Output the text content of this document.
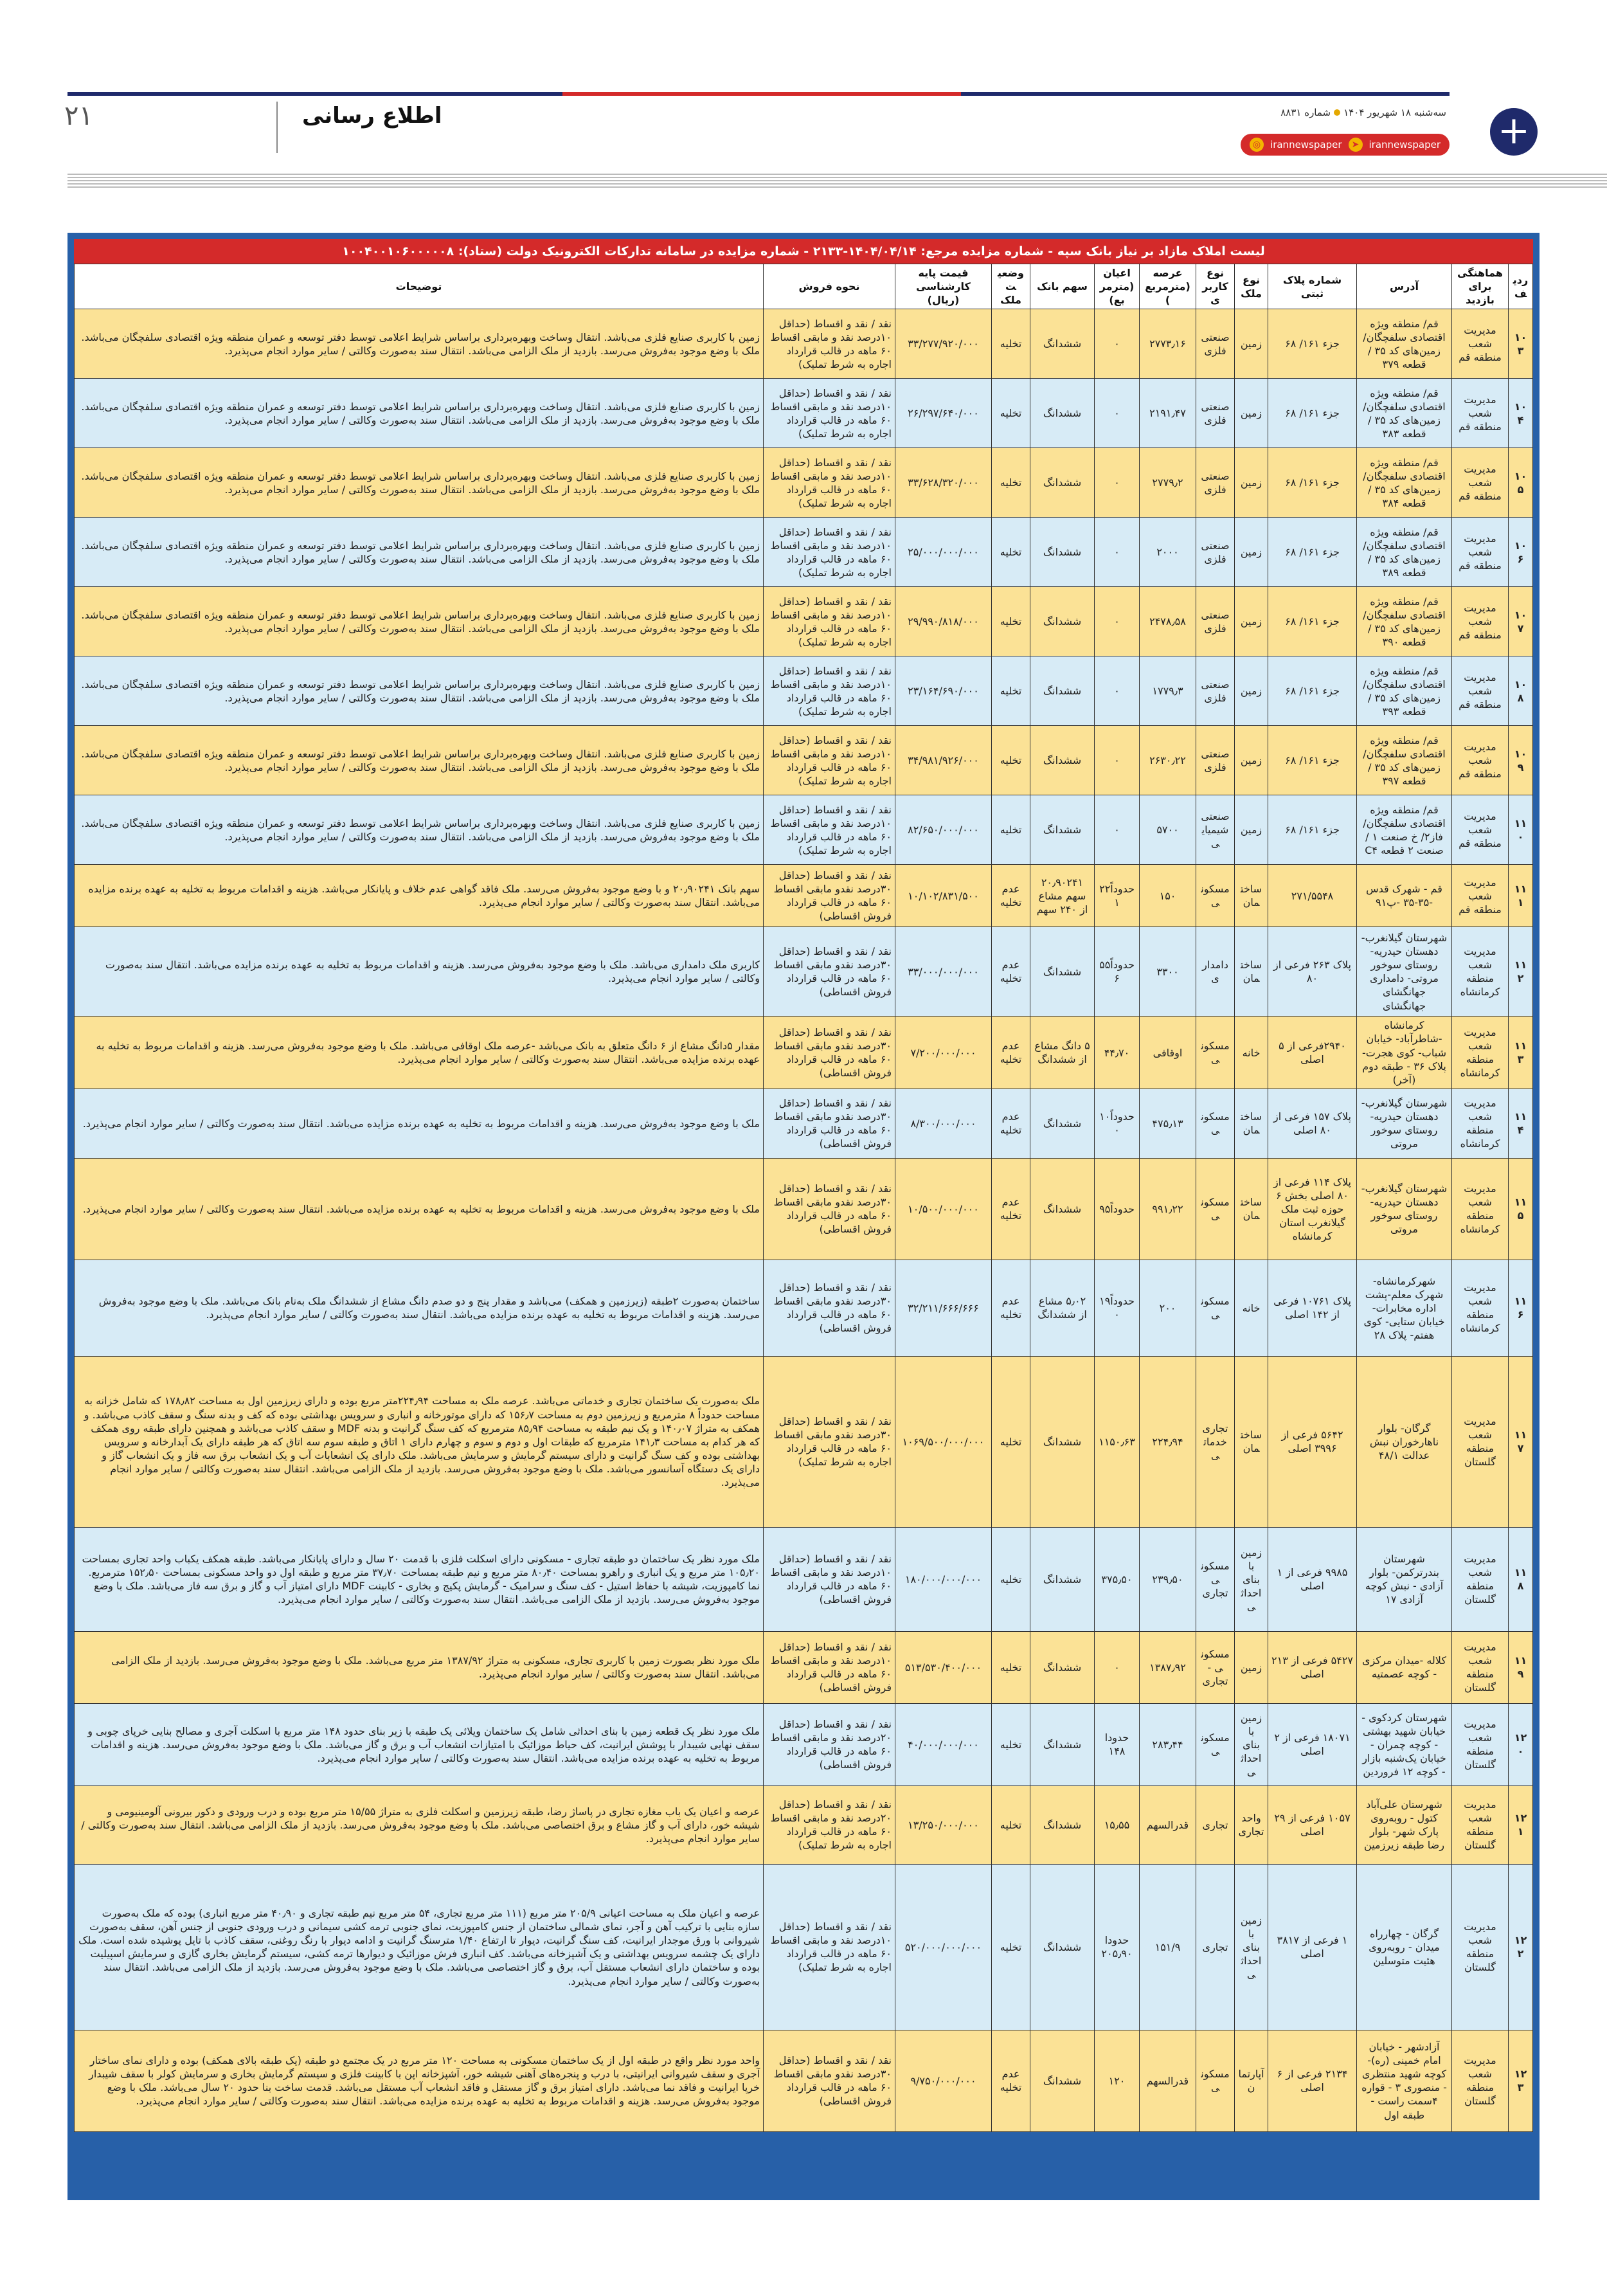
+
سه‌شنبه ۱۸ شهریور ۱۴۰۴شماره ۸۸۳۱
◎ irannewspaper	➤	irannewspaper
اطلاع رسانی
۲۱
لیست املاک مازاد بر نیاز بانک سپه - شماره مزایده مرجع: ۱۴۰۴/۰۴/۱۴-۲۱۳۳ - شماره مزایده در سامانه تدارکات الکترونیک دولت (ستاد): ۱۰۰۴۰۰۱۰۶۰۰۰۰۰۸
ردیف	هماهنگی برای بازدید	آدرس	شماره پلاک ثبتی	نوع ملک	نوع کاربری	عرصه (مترمربع)	اعیان (مترمربع)	سهم بانک	وضعیت ملک	قیمت پایه کارشناسی (ریال)	نحوه فروش	توضیحات
۱۰۳	مدیریت شعب منطقه قم	قم/ منطقه ویژه اقتصادی سلفچگان/ زمین‌های کد ۳۵ / قطعه ۳۷۹	جزء ۱۶۱/ ۶۸	زمین	صنعتی فلزی	۲۷۷۳٫۱۶	۰	ششدانگ	تخلیه	۳۳/۲۷۷/۹۲۰/۰۰۰	نقد / نقد و اقساط (حداقل ۱۰درصد نقد و مابقی اقساط ۶۰ ماهه در قالب قرارداد اجاره به شرط تملیک)	زمین با کاربری صنایع فلزی می‌باشد. انتقال وساخت وبهره‌برداری براساس شرایط اعلامی توسط دفتر توسعه و عمران منطقه ویژه اقتصادی سلفچگان می‌باشد. ملک با وضع موجود به‌فروش می‌رسد. بازدید از ملک الزامی می‌باشد. انتقال سند به‌صورت وکالتی / سایر موارد انجام می‌پذیرد.
۱۰۴	مدیریت شعب منطقه قم	قم/ منطقه ویژه اقتصادی سلفچگان/ زمین‌های کد ۳۵ / قطعه ۳۸۳	جزء ۱۶۱/ ۶۸	زمین	صنعتی فلزی	۲۱۹۱٫۴۷	۰	ششدانگ	تخلیه	۲۶/۲۹۷/۶۴۰/۰۰۰	نقد / نقد و اقساط (حداقل ۱۰درصد نقد و مابقی اقساط ۶۰ ماهه در قالب قرارداد اجاره به شرط تملیک)	زمین با کاربری صنایع فلزی می‌باشد. انتقال وساخت وبهره‌برداری براساس شرایط اعلامی توسط دفتر توسعه و عمران منطقه ویژه اقتصادی سلفچگان می‌باشد. ملک با وضع موجود به‌فروش می‌رسد. بازدید از ملک الزامی می‌باشد. انتقال سند به‌صورت وکالتی / سایر موارد انجام می‌پذیرد.
۱۰۵	مدیریت شعب منطقه قم	قم/ منطقه ویژه اقتصادی سلفچگان/ زمین‌های کد ۳۵ / قطعه ۳۸۴	جزء ۱۶۱/ ۶۸	زمین	صنعتی فلزی	۲۷۷۹٫۲	۰	ششدانگ	تخلیه	۳۳/۶۲۸/۳۲۰/۰۰۰	نقد / نقد و اقساط (حداقل ۱۰درصد نقد و مابقی اقساط ۶۰ ماهه در قالب قرارداد اجاره به شرط تملیک)	زمین با کاربری صنایع فلزی می‌باشد. انتقال وساخت وبهره‌برداری براساس شرایط اعلامی توسط دفتر توسعه و عمران منطقه ویژه اقتصادی سلفچگان می‌باشد. ملک با وضع موجود به‌فروش می‌رسد. بازدید از ملک الزامی می‌باشد. انتقال سند به‌صورت وکالتی / سایر موارد انجام می‌پذیرد.
۱۰۶	مدیریت شعب منطقه قم	قم/ منطقه ویژه اقتصادی سلفچگان/ زمین‌های کد ۳۵ / قطعه ۳۸۹	جزء ۱۶۱/ ۶۸	زمین	صنعتی فلزی	۲۰۰۰	۰	ششدانگ	تخلیه	۲۵/۰۰۰/۰۰۰/۰۰۰	نقد / نقد و اقساط (حداقل ۱۰درصد نقد و مابقی اقساط ۶۰ ماهه در قالب قرارداد اجاره به شرط تملیک)	زمین با کاربری صنایع فلزی می‌باشد. انتقال وساخت وبهره‌برداری براساس شرایط اعلامی توسط دفتر توسعه و عمران منطقه ویژه اقتصادی سلفچگان می‌باشد. ملک با وضع موجود به‌فروش می‌رسد. بازدید از ملک الزامی می‌باشد. انتقال سند به‌صورت وکالتی / سایر موارد انجام می‌پذیرد.
۱۰۷	مدیریت شعب منطقه قم	قم/ منطقه ویژه اقتصادی سلفچگان/ زمین‌های کد ۳۵ / قطعه ۳۹۰	جزء ۱۶۱/ ۶۸	زمین	صنعتی فلزی	۲۴۷۸٫۵۸	۰	ششدانگ	تخلیه	۲۹/۹۹۰/۸۱۸/۰۰۰	نقد / نقد و اقساط (حداقل ۱۰درصد نقد و مابقی اقساط ۶۰ ماهه در قالب قرارداد اجاره به شرط تملیک)	زمین با کاربری صنایع فلزی می‌باشد. انتقال وساخت وبهره‌برداری براساس شرایط اعلامی توسط دفتر توسعه و عمران منطقه ویژه اقتصادی سلفچگان می‌باشد. ملک با وضع موجود به‌فروش می‌رسد. بازدید از ملک الزامی می‌باشد. انتقال سند به‌صورت وکالتی / سایر موارد انجام می‌پذیرد.
۱۰۸	مدیریت شعب منطقه قم	قم/ منطقه ویژه اقتصادی سلفچگان/ زمین‌های کد ۳۵ / قطعه ۳۹۳	جزء ۱۶۱/ ۶۸	زمین	صنعتی فلزی	۱۷۷۹٫۳	۰	ششدانگ	تخلیه	۲۳/۱۶۴/۶۹۰/۰۰۰	نقد / نقد و اقساط (حداقل ۱۰درصد نقد و مابقی اقساط ۶۰ ماهه در قالب قرارداد اجاره به شرط تملیک)	زمین با کاربری صنایع فلزی می‌باشد. انتقال وساخت وبهره‌برداری براساس شرایط اعلامی توسط دفتر توسعه و عمران منطقه ویژه اقتصادی سلفچگان می‌باشد. ملک با وضع موجود به‌فروش می‌رسد. بازدید از ملک الزامی می‌باشد. انتقال سند به‌صورت وکالتی / سایر موارد انجام می‌پذیرد.
۱۰۹	مدیریت شعب منطقه قم	قم/ منطقه ویژه اقتصادی سلفچگان/ زمین‌های کد ۳۵ / قطعه ۳۹۷	جزء ۱۶۱/ ۶۸	زمین	صنعتی فلزی	۲۶۳۰٫۲۲	۰	ششدانگ	تخلیه	۳۴/۹۸۱/۹۲۶/۰۰۰	نقد / نقد و اقساط (حداقل ۱۰درصد نقد و مابقی اقساط ۶۰ ماهه در قالب قرارداد اجاره به شرط تملیک)	زمین با کاربری صنایع فلزی می‌باشد. انتقال وساخت وبهره‌برداری براساس شرایط اعلامی توسط دفتر توسعه و عمران منطقه ویژه اقتصادی سلفچگان می‌باشد. ملک با وضع موجود به‌فروش می‌رسد. بازدید از ملک الزامی می‌باشد. انتقال سند به‌صورت وکالتی / سایر موارد انجام می‌پذیرد.
۱۱۰	مدیریت شعب منطقه قم	قم/ منطقه ویژه اقتصادی سلفچگان/ فاز۲/ خ صنعت ۱ /صنعت ۲ قطعه C۴	جزء ۱۶۱/ ۶۸	زمین	صنعتی شیمیایی	۵۷۰۰	۰	ششدانگ	تخلیه	۸۲/۶۵۰/۰۰۰/۰۰۰	نقد / نقد و اقساط (حداقل ۱۰درصد نقد و مابقی اقساط ۶۰ ماهه در قالب قرارداد اجاره به شرط تملیک)	زمین با کاربری صنایع فلزی می‌باشد. انتقال وساخت وبهره‌برداری براساس شرایط اعلامی توسط دفتر توسعه و عمران منطقه ویژه اقتصادی سلفچگان می‌باشد. ملک با وضع موجود به‌فروش می‌رسد. بازدید از ملک الزامی می‌باشد. انتقال سند به‌صورت وکالتی / سایر موارد انجام می‌پذیرد.
۱۱۱	مدیریت شعب منطقه قم	قم - شهرک قدس -۳۵-۳۵ -پ۹۱	۲۷۱/۵۵۴۸	ساختمان	مسکونی	۱۵۰	حدوداً۲۲۱	۲۰٫۹۰۲۴۱ سهم مشاع از ۲۴۰ سهم	عدم تخلیه	۱۰/۱۰۲/۸۳۱/۵۰۰	نقد / نقد و اقساط (حداقل ۳۰درصد نقدو مابقی اقساط ۶۰ ماهه در قالب قرارداد فروش اقساطی)	سهم بانک ۲۰٫۹۰۲۴۱ و با وضع موجود به‌فروش می‌رسد. ملک فاقد گواهی عدم خلاف و پایانکار می‌باشد. هزینه و اقدامات مربوط به تخلیه به عهده برنده مزایده می‌باشد. انتقال سند به‌صورت وکالتی / سایر موارد انجام می‌پذیرد.
۱۱۲	مدیریت شعب منطقه کرمانشاه	شهرستان گیلانغرب- دهستان حیدریه- روستای سوخور مروتی- دامداری جهانگشای جهانگشای	پلاک ۲۶۳ فرعی از ۸۰	ساختمان	دامداری	۳۳۰۰	حدوداً۵۵۶	ششدانگ	عدم تخلیه	۳۳/۰۰۰/۰۰۰/۰۰۰	نقد / نقد و اقساط (حداقل ۳۰درصد نقدو مابقی اقساط ۶۰ ماهه در قالب قرارداد فروش اقساطی)	کاربری ملک دامداری می‌باشد. ملک با وضع موجود به‌فروش می‌رسد. هزینه و اقدامات مربوط به تخلیه به عهده برنده مزایده می‌باشد. انتقال سند به‌صورت وکالتی / سایر موارد انجام می‌پذیرد.
۱۱۳	مدیریت شعب منطقه کرمانشاه	کرمانشاه -شاطرآباد- خیابان شباب- کوی هجرت-پلاک ۳۶ - طبقه دوم (آخر)	۲۹۴۰فرعی از ۵ اصلی	خانه	مسکونی	اوقافی	۴۴٫۷۰	۵ دانگ مشاع از ششدانگ	عدم تخلیه	۷/۲۰۰/۰۰۰/۰۰۰	نقد / نقد و اقساط (حداقل ۳۰درصد نقدو مابقی اقساط ۶۰ ماهه در قالب قرارداد فروش اقساطی)	مقدار ۵دانگ مشاع از ۶ دانگ متعلق به بانک می‌باشد -عرصه ملک اوقافی می‌باشد. ملک با وضع موجود به‌فروش می‌رسد. هزینه و اقدامات مربوط به تخلیه به عهده برنده مزایده می‌باشد. انتقال سند به‌صورت وکالتی / سایر موارد انجام می‌پذیرد.
۱۱۴	مدیریت شعب منطقه کرمانشاه	شهرستان گیلانغرب- دهستان حیدریه- روستای سوخور مروتی	پلاک ۱۵۷ فرعی از ۸۰ اصلی	ساختمان	مسکونی	۴۷۵٫۱۳	حدوداً۱۰۰	ششدانگ	عدم تخلیه	۸/۳۰۰/۰۰۰/۰۰۰	نقد / نقد و اقساط (حداقل ۳۰درصد نقدو مابقی اقساط ۶۰ ماهه در قالب قرارداد فروش اقساطی)	ملک با وضع موجود به‌فروش می‌رسد. هزینه و اقدامات مربوط به تخلیه به عهده برنده مزایده می‌باشد. انتقال سند به‌صورت وکالتی / سایر موارد انجام می‌پذیرد.
۱۱۵	مدیریت شعب منطقه کرمانشاه	شهرستان گیلانغرب- دهستان حیدریه- روستای سوخور مروتی	پلاک ۱۱۴ فرعی از ۸۰ اصلی بخش ۶ حوزه ثبت ملک گیلانغرب استان کرمانشاه	ساختمان	مسکونی	۹۹۱٫۲۲	حدوداً۹۵	ششدانگ	عدم تخلیه	۱۰/۵۰۰/۰۰۰/۰۰۰	نقد / نقد و اقساط (حداقل ۳۰درصد نقدو مابقی اقساط ۶۰ ماهه در قالب قرارداد فروش اقساطی)	ملک با وضع موجود به‌فروش می‌رسد. هزینه و اقدامات مربوط به تخلیه به عهده برنده مزایده می‌باشد. انتقال سند به‌صورت وکالتی / سایر موارد انجام می‌پذیرد.
۱۱۶	مدیریت شعب منطقه کرمانشاه	شهرکرمانشاه-شهرک معلم-پشت اداره مخابرات- خیابان ستایی- کوی هفتم- پلاک ۲۸	پلاک ۱۰۷۶۱ فرعی از ۱۴۲ اصلی	خانه	مسکونی	۲۰۰	حدوداً۱۹۰	۵٫۰۲ مشاع از ششدانگ	عدم تخلیه	۳۲/۲۱۱/۶۶۶/۶۶۶	نقد / نقد و اقساط (حداقل ۳۰درصد نقدو مابقی اقساط ۶۰ ماهه در قالب قرارداد فروش اقساطی)	ساختمان به‌صورت ۲طبقه (زیرزمین و همکف) می‌باشد و مقدار پنج و دو صدم دانگ مشاع از ششدانگ ملک به‌نام بانک می‌باشد. ملک با وضع موجود به‌فروش می‌رسد. هزینه و اقدامات مربوط به تخلیه به عهده برنده مزایده می‌باشد. انتقال سند به‌صورت وکالتی / سایر موارد انجام می‌پذیرد.
۱۱۷	مدیریت شعب منطقه گلستان	گرگان- بلوار ناهارخوران نبش عدالت ۴۸/۱	۵۶۴۲ فرعی از ۳۹۹۶ اصلی	ساختمان	تجاری خدماتی	۲۲۴٫۹۴	۱۱۵۰٫۶۳	ششدانگ	تخلیه	۱۰۶۹/۵۰۰/۰۰۰/۰۰۰	نقد / نقد و اقساط (حداقل ۳۰درصد نقدو مابقی اقساط ۶۰ ماهه در قالب قرارداد اجاره به شرط تملیک)	ملک به‌صورت یک ساختمان تجاری و خدماتی می‌باشد. عرصه ملک به مساحت ۲۲۴٫۹۴متر مربع بوده و دارای زیرزمین اول به مساحت ۱۷۸٫۸۲ که شامل خزانه به مساحت حدوداً ۸ مترمربع و زیرزمین دوم به مساحت ۱۵۶٫۷ که دارای موتورخانه و انباری و سرویس بهداشتی بوده که کف و بدنه سنگ و سقف کاذب می‌باشد. و همکف به متراژ ۱۴۰٫۰۷ و یک نیم طبقه به مساحت ۸۵٫۹۴ مترمربع که کف سنگ گرانیت و بدنه MDF و سقف کاذب می‌باشد و همچنین دارای طبقه روی همکف که هر کدام به مساحت ۱۴۱٫۳ مترمربع که طبقات اول و دوم و سوم و چهارم دارای ۱ اتاق و طبقه سوم سه اتاق که هر طبقه دارای یک آبدارخانه و سرویس بهداشتی بوده و کف سنگ گرانیت و دارای سیستم گرمایش و سرمایش می‌باشد. ملک دارای یک انشعابات آب و یک انشعاب برق سه فاز و یک انشعاب گاز و دارای یک دستگاه آسانسور می‌باشد. ملک با وضع موجود به‌فروش می‌رسد. بازدید از ملک الزامی می‌باشد. انتقال سند به‌صورت وکالتی / سایر موارد انجام می‌پذیرد.
۱۱۸	مدیریت شعب منطقه گلستان	شهرستان بندرترکمن- بلوار آزادی - نبش کوچه آزادی ۱۷	۹۹۸۵ فرعی از ۱ اصلی	زمین با بنای احداثی	مسکونی تجاری	۲۳۹٫۵۰	۳۷۵٫۵۰	ششدانگ	تخلیه	۱۸۰/۰۰۰/۰۰۰/۰۰۰	نقد / نقد و اقساط (حداقل ۱۰درصد نقد و مابقی اقساط ۶۰ ماهه در قالب قرارداد فروش اقساطی)	ملک مورد نظر یک ساختمان دو طبقه تجاری - مسکونی دارای اسکلت فلزی با قدمت ۲۰ سال و دارای پایانکار می‌باشد. طبقه همکف یکباب واحد تجاری بمساحت ۱۰۵٫۲۰ متر مربع و یک انباری و راهرو بمساحت ۸۰٫۴۰ متر مربع و نیم طبقه بمساحت ۳۷٫۷۰ متر مربع و طبقه اول دو واحد مسکونی بمساحت ۱۵۲٫۵۰ مترمربع. نما کامپوزیت، شیشه با حفاظ استیل - کف سنگ و سرامیک - گرمایش پکیج و بخاری - کابینت MDF دارای امتیاز آب و گاز و برق سه فاز می‌باشد. ملک با وضع موجود به‌فروش می‌رسد. بازدید از ملک الزامی می‌باشد. انتقال سند به‌صورت وکالتی / سایر موارد انجام می‌پذیرد.
۱۱۹	مدیریت شعب منطقه گلستان	کلاله -میدان مرکزی - کوچه عصمتیه	۵۴۲۷ فرعی از ۲۱۳ اصلی	زمین	مسکونی - تجاری	۱۳۸۷٫۹۲	۰	ششدانگ	تخلیه	۵۱۳/۵۳۰/۴۰۰/۰۰۰	نقد / نقد و اقساط (حداقل ۱۰درصد نقد و مابقی اقساط ۶۰ ماهه در قالب قرارداد فروش اقساطی)	ملک مورد نظر بصورت زمین با کاربری تجاری، مسکونی به متراژ ۱۳۸۷/۹۲ متر مربع می‌باشد. ملک با وضع موجود به‌فروش می‌رسد. بازدید از ملک الزامی می‌باشد. انتقال سند به‌صورت وکالتی / سایر موارد انجام می‌پذیرد.
۱۲۰	مدیریت شعب منطقه گلستان	شهرستان کردکوی - خیابان شهید بهشتی - کوچه چمران - خیابان یک‌شنبه بازار - کوچه ۱۲ فروردین	۱۸۰۷۱ فرعی از ۲ اصلی	زمین با بنای احداثی	مسکونی	۲۸۳٫۴۴	حدودا ۱۴۸	ششدانگ	تخلیه	۴۰/۰۰۰/۰۰۰/۰۰۰	نقد / نقد و اقساط (حداقل ۲۰درصد نقد و مابقی اقساط ۶۰ ماهه در قالب قرارداد فروش اقساطی)	ملک مورد نظر یک قطعه زمین با بنای احداثی شامل یک ساختمان ویلائی یک طبقه با زیر بنای حدود ۱۴۸ متر مربع با اسکلت آجری و مصالح بنایی خرپای چوبی و سقف نهایی شیبدار با پوشش ایرانیت، کف حیاط موزائیک با امتیازات انشعاب آب و برق و گاز می‌باشد. ملک با وضع موجود به‌فروش می‌رسد. هزینه و اقدامات مربوط به تخلیه به عهده برنده مزایده می‌باشد. انتقال سند به‌صورت وکالتی / سایر موارد انجام می‌پذیرد.
۱۲۱	مدیریت شعب منطقه گلستان	شهرستان علی‌آباد کتول - روبه‌روی پارک شهر- بلوار رضا طبقه زیرزمین	۱۰۵۷ فرعی از ۲۹ اصلی	واحد تجاری	تجاری	قدرالسهم	۱۵٫۵۵	ششدانگ	تخلیه	۱۳/۲۵۰/۰۰۰/۰۰۰	نقد / نقد و اقساط (حداقل ۲۰درصد نقد و مابقی اقساط ۶۰ ماهه در قالب قرارداد اجاره به شرط تملیک)	عرصه و اعیان یک باب مغازه تجاری در پاساژ رضا، طبقه زیرزمین و اسکلت فلزی به متراژ ۱۵/۵۵ متر مربع بوده و درب ورودی و دکور بیرونی آلومینیومی و شیشه خور، دارای آب و گاز مشاع و برق اختصاصی می‌باشد. ملک با وضع موجود به‌فروش می‌رسد. بازدید از ملک الزامی می‌باشد. انتقال سند به‌صورت وکالتی / سایر موارد انجام می‌پذیرد.
۱۲۲	مدیریت شعب منطقه گلستان	گرگان - چهارراه میدان - روبه‌روی هئیت متوسلین	۱ فرعی از ۳۸۱۷ اصلی	زمین با بنای احداثی	تجاری	۱۵۱/۹	حدودا ۲۰۵٫۹۰	ششدانگ	تخلیه	۵۲۰/۰۰۰/۰۰۰/۰۰۰	نقد / نقد و اقساط (حداقل ۱۰درصد نقد و مابقی اقساط ۶۰ ماهه در قالب قرارداد اجاره به شرط تملیک)	عرصه و اعیان ملک به مساحت اعیانی ۲۰۵/۹ متر مربع (۱۱۱ متر مربع تجاری، ۵۴ متر مربع نیم طبقه تجاری و ۴۰٫۹۰ متر مربع انباری) بوده که ملک به‌صورت سازه بنایی با ترکیب آهن و آجر، نمای شمالی ساختمان از جنس کامپوزیت، نمای جنوبی ترمه کشی سیمانی و درب ورودی جنوبی از جنس آهن، سقف به‌صورت شیروانی با ورق موجدار ایرانیت، کف سنگ گرانیت، دیوار تا ارتفاع ۱/۴۰ مترسنگ گرانیت و ادامه دیوار با رنگ روغنی، سقف کاذب با تایل پوشیده شده است. ملک دارای یک چشمه سرویس بهداشتی و یک آشپزخانه می‌باشد. کف انباری فرش موزائیک و دیوارها ترمه کشی، سیستم گرمایش بخاری گازی و سرمایش اسپیلیت بوده و ساختمان دارای انشعاب مستقل آب، برق و گاز اختصاصی می‌باشد. ملک با وضع موجود به‌فروش می‌رسد. بازدید از ملک الزامی می‌باشد. انتقال سند به‌صورت وکالتی / سایر موارد انجام می‌پذیرد.
۱۲۳	مدیریت شعب منطقه گلستان	آزادشهر - خیابان امام خمینی (ره)- کوچه شهید منتظری - منصوری ۳ - قواره ۴سمت راست - طبقه اول	۲۱۳۴ فرعی از ۶ اصلی	آپارتمان	مسکونی	قدرالسهم	۱۲۰	ششدانگ	عدم تخلیه	۹/۷۵۰/۰۰۰/۰۰۰	نقد / نقد و اقساط (حداقل ۳۰درصد نقدو مابقی اقساط ۶۰ ماهه در قالب قرارداد فروش اقساطی)	واحد مورد نظر واقع در طبقه اول از یک ساختمان مسکونی به مساحت ۱۲۰ متر مربع در یک مجتمع دو طبقه (یک طبقه بالای همکف) بوده و دارای نمای ساختار آجری و سقف شیروانی ایرانیتی، با درب و پنجره‌های آهنی شیشه خور، آشپزخانه اپن با کابینت فلزی و سیستم گرمایش بخاری و سرمایش کولر با سقف شیبدار خرپا ایرانیت و فاقد نما می‌باشد. دارای امتیاز برق و گاز مستقل و فاقد انشعاب آب مستقل می‌باشد. قدمت ساخت بنا حدود ۲۰ سال می‌باشد. ملک با وضع موجود به‌فروش می‌رسد. هزینه و اقدامات مربوط به تخلیه به عهده برنده مزایده می‌باشد. انتقال سند به‌صورت وکالتی / سایر موارد انجام می‌پذیرد.
